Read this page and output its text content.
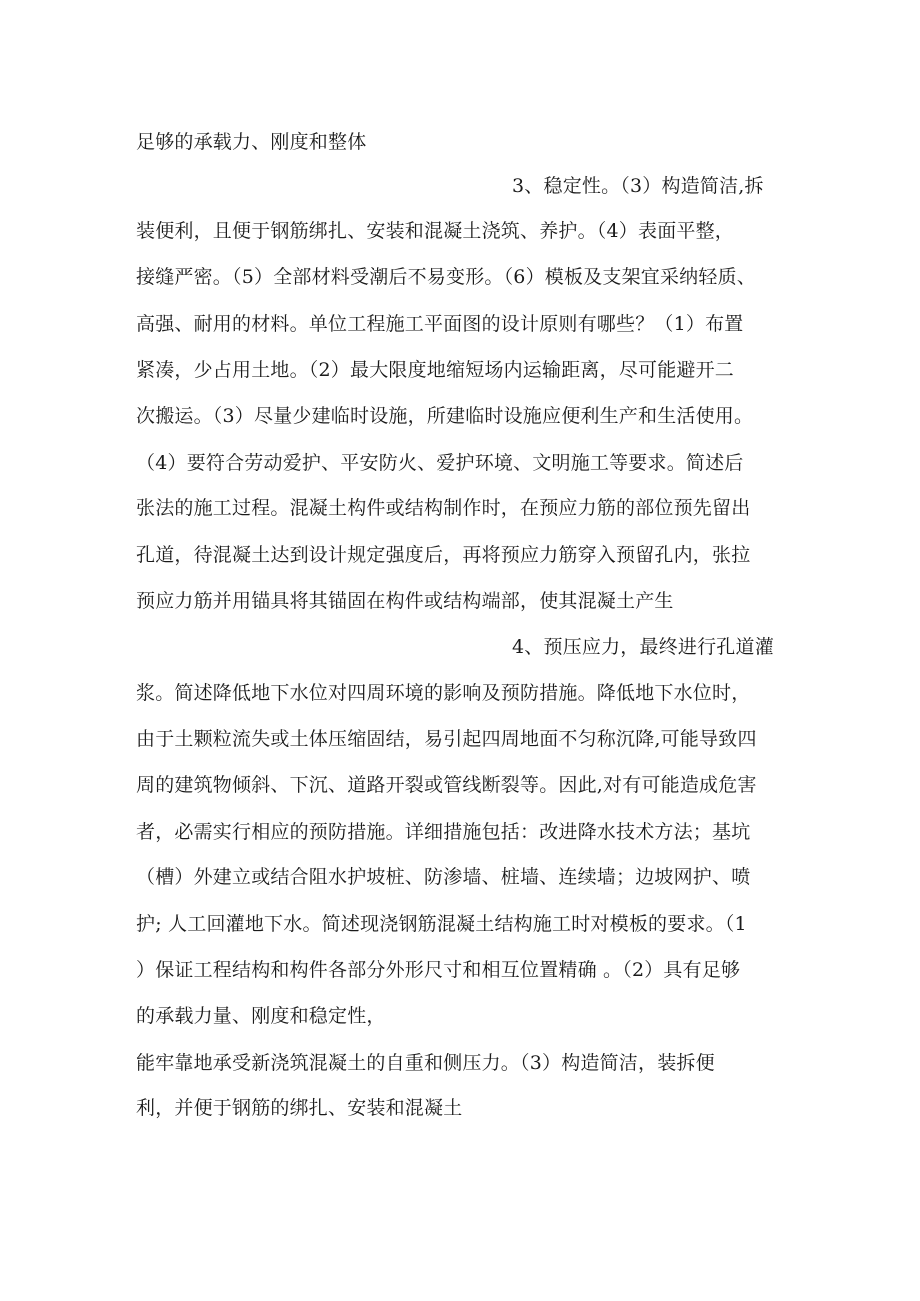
足够的承载力、刚度和整体
3、稳定性。（3）构造简洁,拆
装便利，且便于钢筋绑扎、安装和混凝土浇筑、养护。（4）表面平整，
接缝严密。（5）全部材料受潮后不易变形。（6）模板及支架宜采纳轻质、
高强、耐用的材料。单位工程施工平面图的设计原则有哪些？（1）布置
紧凑，少占用土地。（2）最大限度地缩短场内运输距离，尽可能避开二
次搬运。（3）尽量少建临时设施，所建临时设施应便利生产和生活使用。
（4）要符合劳动爱护、平安防火、爱护环境、文明施工等要求。简述后
张法的施工过程。混凝土构件或结构制作时，在预应力筋的部位预先留出
孔道，待混凝土达到设计规定强度后，再将预应力筋穿入预留孔内，张拉
预应力筋并用锚具将其锚固在构件或结构端部，使其混凝土产生
4、预压应力，最终进行孔道灌
浆。简述降低地下水位对四周环境的影响及预防措施。降低地下水位时，
由于土颗粒流失或土体压缩固结，易引起四周地面不匀称沉降,可能导致四
周的建筑物倾斜、下沉、道路开裂或管线断裂等。因此,对有可能造成危害
者，必需实行相应的预防措施。详细措施包括：改进降水技术方法；基坑
（槽）外建立或结合阻水护坡桩、防渗墙、桩墙、连续墙；边坡网护、喷
护; 人工回灌地下水。简述现浇钢筋混凝土结构施工时对模板的要求。（1
）保证工程结构和构件各部分外形尺寸和相互位置精确 。（2）具有足够
的承载力量、刚度和稳定性，
能牢靠地承受新浇筑混凝土的自重和侧压力。（3）构造简洁，装拆便
利，并便于钢筋的绑扎、安装和混凝土
